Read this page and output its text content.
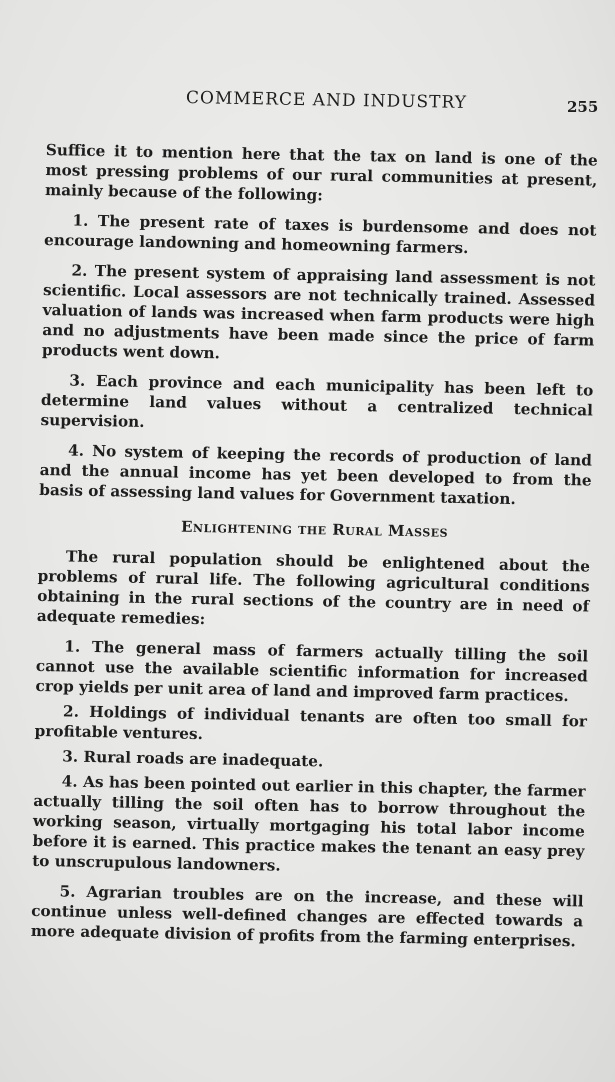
COMMERCE AND INDUSTRY	255

Suffice it to mention here that the tax on land is one of the most pressing problems of our rural communities at present, mainly because of the following:

1. The present rate of taxes is burdensome and does not encourage landowning and homeowning farmers.

2. The present system of appraising land assessment is not scientific. Local assessors are not technically trained. Assessed valuation of lands was increased when farm products were high and no adjustments have been made since the price of farm products went down.

3. Each province and each municipality has been left to determine land values without a centralized technical supervision.

4. No system of keeping the records of production of land and the annual income has yet been developed to from the basis of assessing land values for Government taxation.

Enlightening the Rural Masses

The rural population should be enlightened about the problems of rural life. The following agricultural conditions obtaining in the rural sections of the country are in need of adequate remedies:

1. The general mass of farmers actually tilling the soil cannot use the available scientific information for increased crop yields per unit area of land and improved farm practices.

2. Holdings of individual tenants are often too small for profitable ventures.

3. Rural roads are inadequate.

4. As has been pointed out earlier in this chapter, the farmer actually tilling the soil often has to borrow throughout the working season, virtually mortgaging his total labor income before it is earned. This practice makes the tenant an easy prey to unscrupulous landowners.

5. Agrarian troubles are on the increase, and these will continue unless well-defined changes are effected towards a more adequate division of profits from the farming enterprises.
